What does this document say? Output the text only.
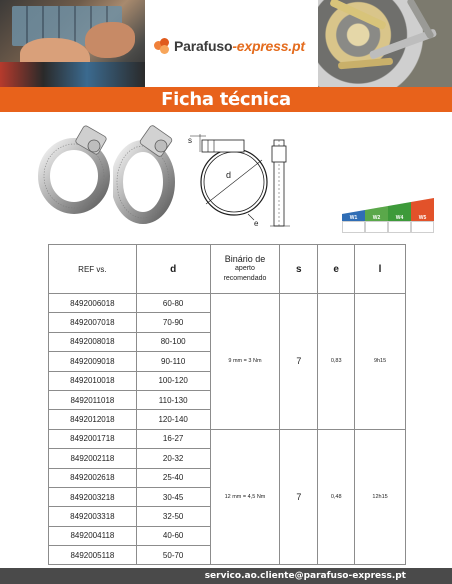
Parafuso-express.pt
Ficha técnica
s
d
e
W1	W2	W4	W5
REF vs.	d	Binário de
aperto
recomendado	s	e	l
8492006018	60-80	9 mm = 3 Nm	7	0,83	9h15
8492007018	70-90				
8492008018	80-100				
8492009018	90-110				
8492010018	100-120				
8492011018	110-130				
8492012018	120-140				
8492001718	16-27	12 mm = 4,5 Nm	7	0,48	12h15
8492002118	20-32				
8492002618	25-40				
8492003218	30-45				
8492003318	32-50				
8492004118	40-60				
8492005118	50-70				
servico.ao.cliente@parafuso-express.pt
